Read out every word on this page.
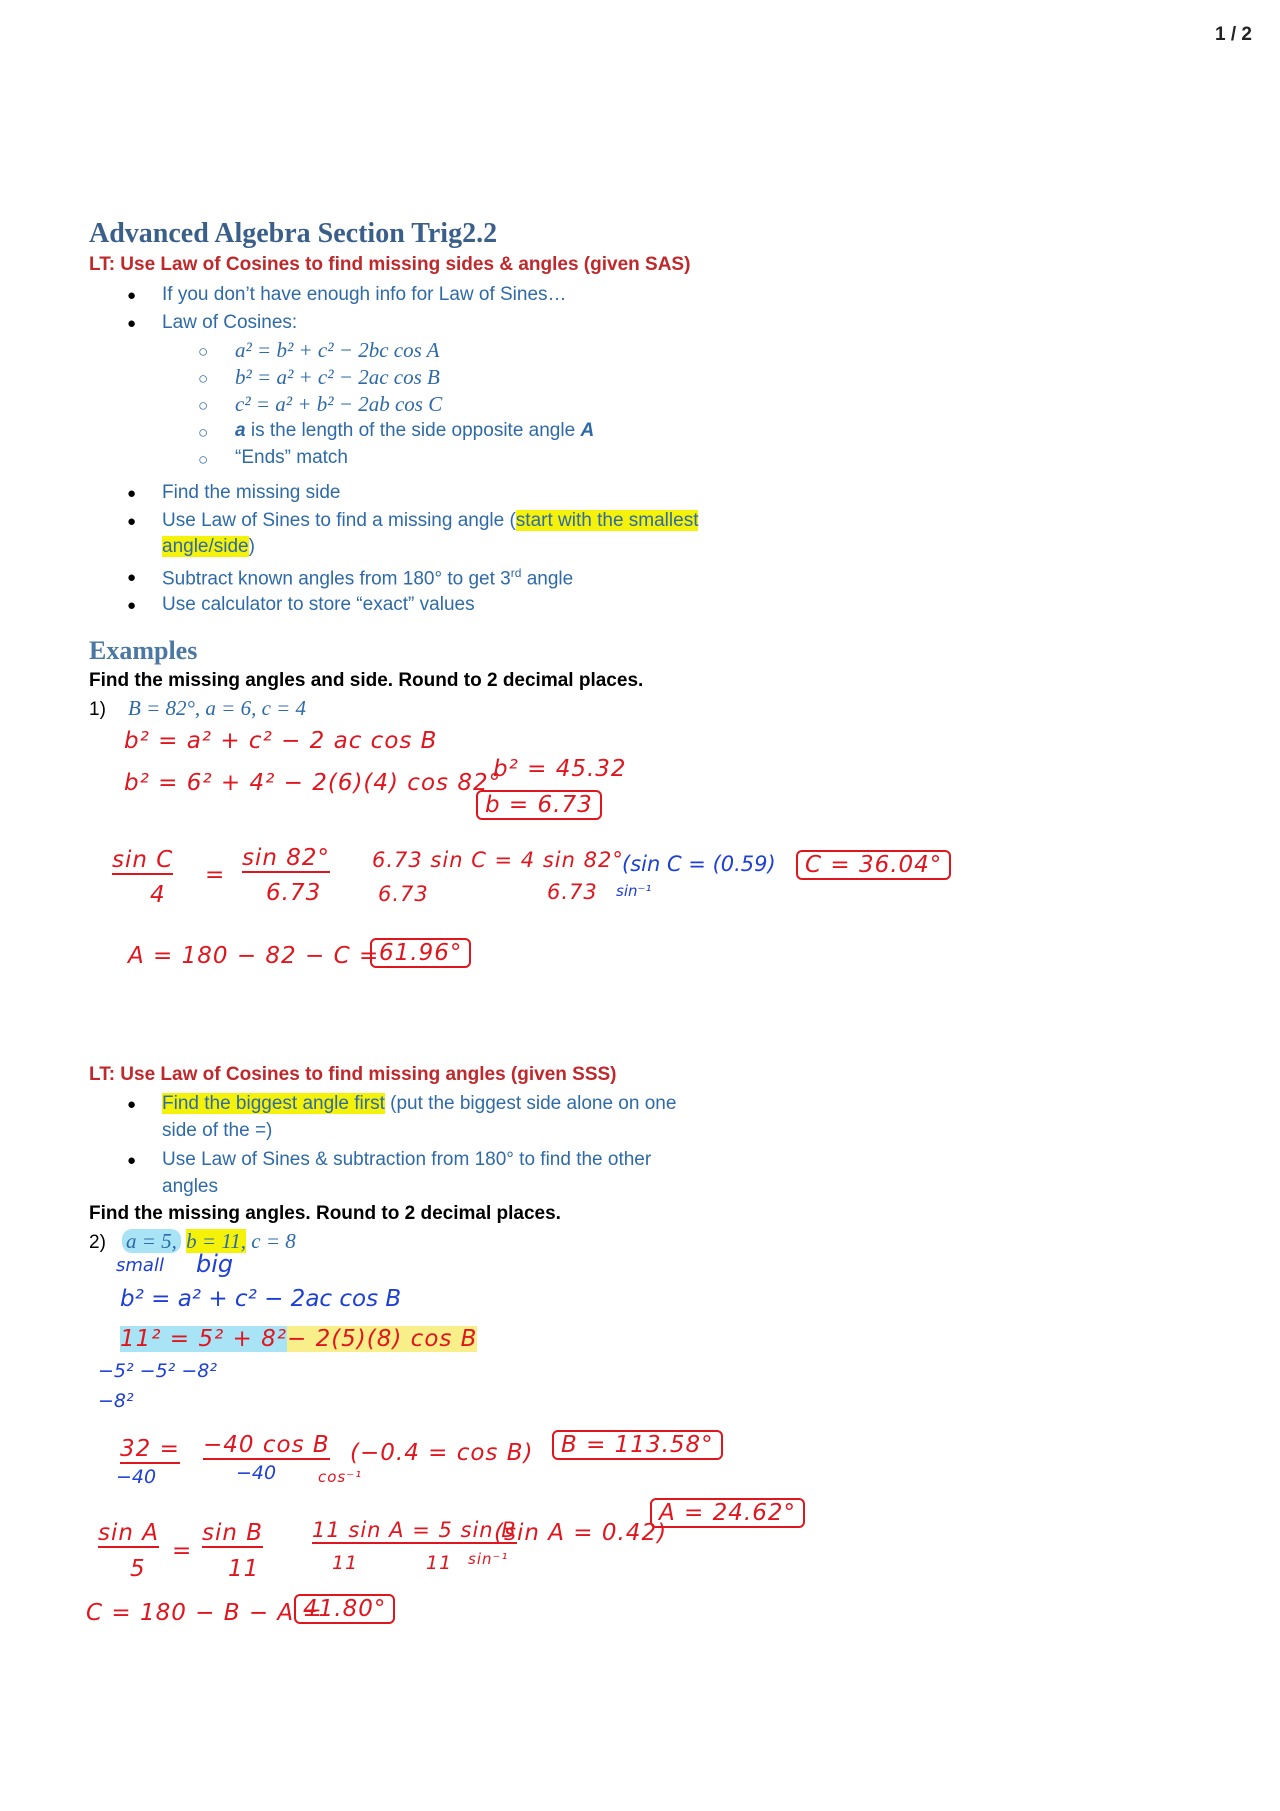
1 / 2
Advanced Algebra Section Trig2.2
LT: Use Law of Cosines to find missing sides & angles (given SAS)
● If you don’t have enough info for Law of Sines…
● Law of Cosines:
○ a² = b² + c² − 2bc cos A
○ b² = a² + c² − 2ac cos B
○ c² = a² + b² − 2ab cos C
○ a is the length of the side opposite angle A
○ “Ends” match
● Find the missing side
● Use Law of Sines to find a missing angle (start with the smallest
angle/side)
● Subtract known angles from 180° to get 3rd angle
● Use calculator to store “exact” values
Examples
Find the missing angles and side. Round to 2 decimal places.
1) B = 82°, a = 6, c = 4
b² = a² + c² − 2 ac cos B
b² = 6² + 4² − 2(6)(4) cos 82°
b² = 45.32
b = 6.73
sin C
4
=
sin 82°
6.73
6.73 sin C = 4 sin 82°
6.73	6.73
(sin C = (0.59)
sin⁻¹
C = 36.04°
A = 180 − 82 − C = 61.96°
LT: Use Law of Cosines to find missing angles (given SSS)
● Find the biggest angle first (put the biggest side alone on one
side of the =)
● Use Law of Sines & subtraction from 180° to find the other
angles
Find the missing angles. Round to 2 decimal places.
2) a = 5, b = 11, c = 8
small big
b² = a² + c² − 2ac cos B
11² = 5² + 8²− 2(5)(8) cos B
−5² −5² −8²
−8²
32 =
−40
−40 cos B
−40
(−0.4 = cos B)
cos⁻¹
B = 113.58°
sin A
5
=
sin B
11
11 sin A = 5 sin B
11	11
(sin A = 0.42)
sin⁻¹
A = 24.62°
C = 180 − B − A =
41.80°
